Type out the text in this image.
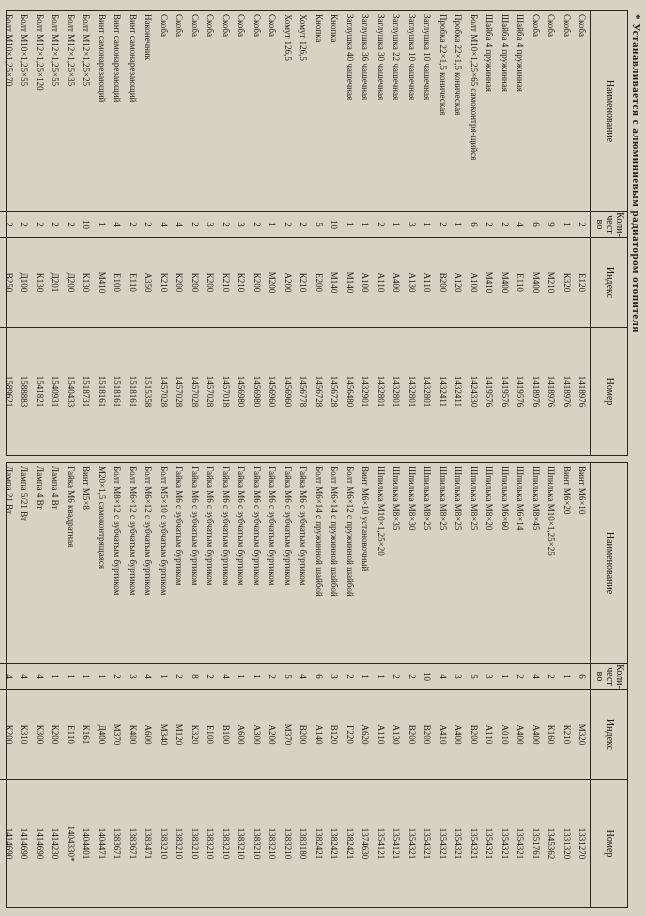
* Устанавливается с алюминиевым радиатором отопителя
Наименование
Коли-чест во
Индекс
Номер
Скоба
2
Е120
1418976
Скоба
1
К320
1418976
Скоба
9
М210
1418976
Скоба
6
М400
1418976
Шайба 4 пружинная
4
Е110
1419576
Шайба 4 пружинная
2
М400
1419576
Шайба 4 пружинная
2
М410
1419576
Болт М10×1,25×65 самоконтря-щийся
6
А100
1424330
Пробка 22×1,5 коническая
1
А120
1432411
Пробка 22×1,5 коническая
2
В200
1432411
Заглушка 10 чашечная
1
А110
1432801
Заглушка 10 чашечная
3
А130
1432801
Заглушка 22 чашечная
1
А400
1432801
Заглушка 30 чашечная
2
А110
1432801
Заглушка 36 чашечная
1
А100
1432901
Заглушка 40 чашечная
1
М140
1456480
Кнопка
10
М140
1456728
Кнопка
5
Е200
1456728
Хомут 126,5
2
К210
1456778
Хомут 126,5
2
А200
1456960
Скоба
1
М200
1456960
Скоба
2
К200
1456980
Скоба
3
К210
1456980
Скоба
2
К210
1457018
Скоба
3
К200
1457028
Скоба
2
К200
1457028
Скоба
4
К200
1457028
Скоба
4
К210
1457028
Наконечник
2
А350
1515358
Винт самонарезающий
2
Е110
1518161
Винт самонарезающий
4
Е100
1518161
Винт самонарезающий
1
М410
1518161
Болт М12×1,25×25
10
К130
1518731
Болт М12×1,25×35
2
Д200
1540433
Болт М12×1,25×55
2
Д201
1540931
Болт М12×1,25×120
2
К130
1541821
Болт М10×1,25×55
2
Д100
1588883
Болт М10×1,25×70
2
В250
1589621
Наименование
Коли-чест во
Индекс
Номер
Винт М6×10
6
М320
1331270
Винт М6×20
1
К210
1331320
Шпилька М10×1,25×25
2
К160
1345362
Шпилька М8×45
4
А400
1351761
Шпилька М6×14
2
А400
1354321
Шпилька М6×60
1
А010
1354321
Шпилька М8×20
3
А110
1354321
Шпилька М8×25
5
В200
1354321
Шпилька М8×25
3
А400
1354321
Шпилька М8×25
4
А410
1354321
Шпилька М8×25
10
В200
1354321
Шпилька М8×30
2
В200
1354321
Шпилька М8×35
2
А130
1354121
Шпилька М10×1,25×20
1
А110
1354121
Винт М6×10 установочный
1
А620
1374630
Болт М6×12 с пружинной шайбой
2
Г220
1382421
Болт М6×14 с пружинной шайбой
3
В120
1382421
Болт М6×14 с пружинной шайбой
6
А140
1382421
Гайка М6 с зубчатым буртиком
4
В200
1383180
Гайка М6 с зубчатым буртиком
5
М370
1383210
Гайка М6 с зубчатым буртиком
2
А200
1383210
Гайка М6 с зубчатым буртиком
1
А300
1383210
Гайка М6 с зубчатым буртиком
1
А600
1383210
Гайка М6 с зубчатым буртиком
4
В100
1383210
Гайка М6 с зубчатым буртиком
2
Е100
1383210
Гайка М6 с зубчатым буртиком
8
К320
1383210
Гайка М6 с зубчатым буртиком
2
М120
1383210
Болт М5×10 с зубчатым буртиком
1
М340
1383210
Болт М6×12 с зубчатым буртиком
4
А600
1383471
Болт М6×12 с зубчатым буртиком
3
К400
1383671
Болт М8×12 с зубчатым буртиком
2
М370
1383671
М20×1,5 самоконтрящаяся
1
Д400
1404471
Винт М5×8
1
К161
1404401
Гайка М6 квадратная
1
Е110
1404330*
Лампа 4 Вт
1
К200
1414230
Лампа 4 Вт
4
К300
1414690
Лампа 5/21 Вт
4
К310
1414690
Лампа 21 Вт
4
К200
1414690
